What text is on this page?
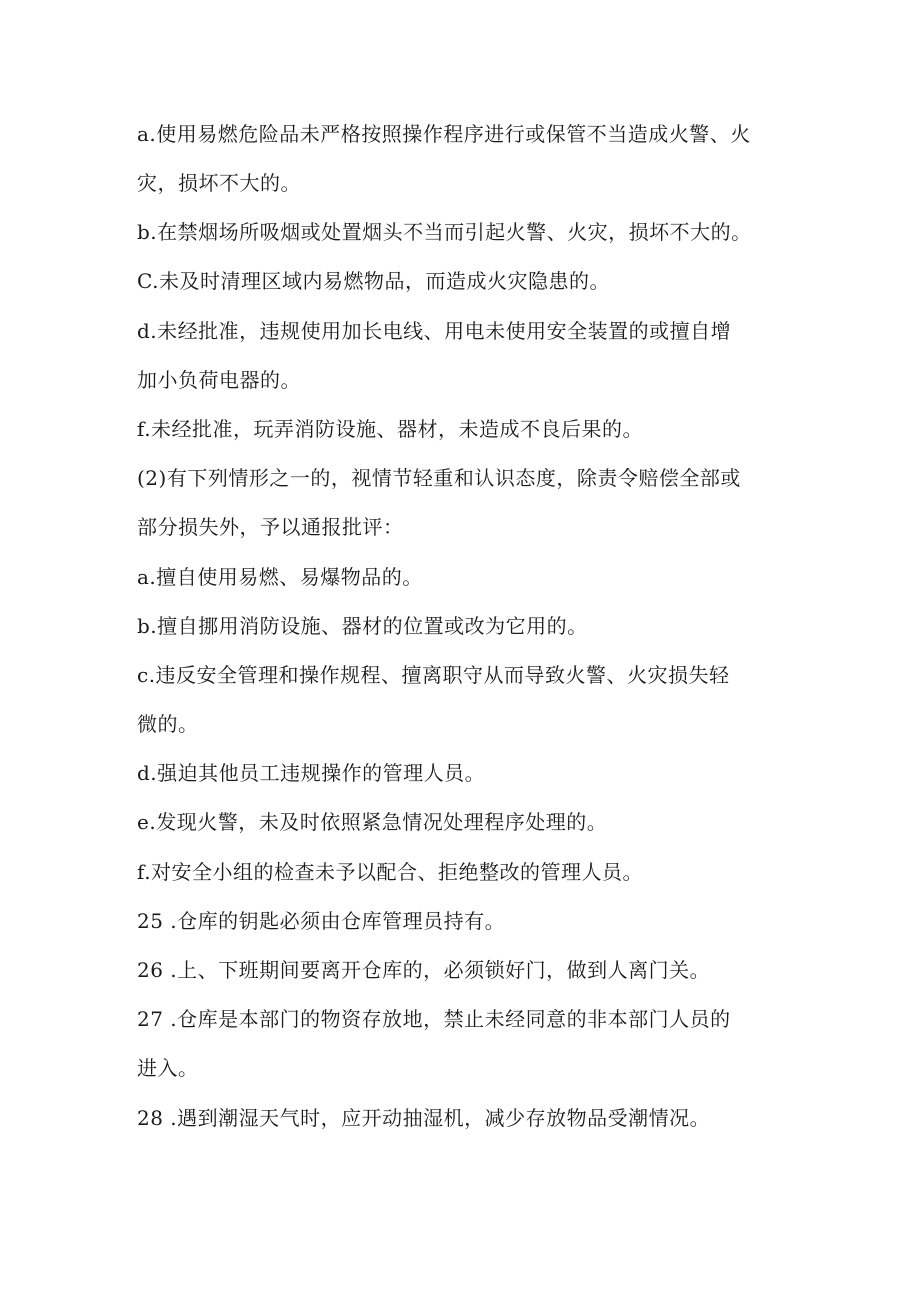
a.使用易燃危险品未严格按照操作程序进行或保管不当造成火警、火
灾，损坏不大的。
b.在禁烟场所吸烟或处置烟头不当而引起火警、火灾，损坏不大的。
C.未及时清理区域内易燃物品，而造成火灾隐患的。
d.未经批准，违规使用加长电线、用电未使用安全装置的或擅自增
加小负荷电器的。
f.未经批准，玩弄消防设施、器材，未造成不良后果的。
(2)有下列情形之一的，视情节轻重和认识态度，除责令赔偿全部或
部分损失外，予以通报批评：
a.擅自使用易燃、易爆物品的。
b.擅自挪用消防设施、器材的位置或改为它用的。
c.违反安全管理和操作规程、擅离职守从而导致火警、火灾损失轻
微的。
d.强迫其他员工违规操作的管理人员。
e.发现火警，未及时依照紧急情况处理程序处理的。
f.对安全小组的检查未予以配合、拒绝整改的管理人员。
25 .仓库的钥匙必须由仓库管理员持有。
26 .上、下班期间要离开仓库的，必须锁好门，做到人离门关。
27 .仓库是本部门的物资存放地，禁止未经同意的非本部门人员的
进入。
28 .遇到潮湿天气时，应开动抽湿机，减少存放物品受潮情况。
